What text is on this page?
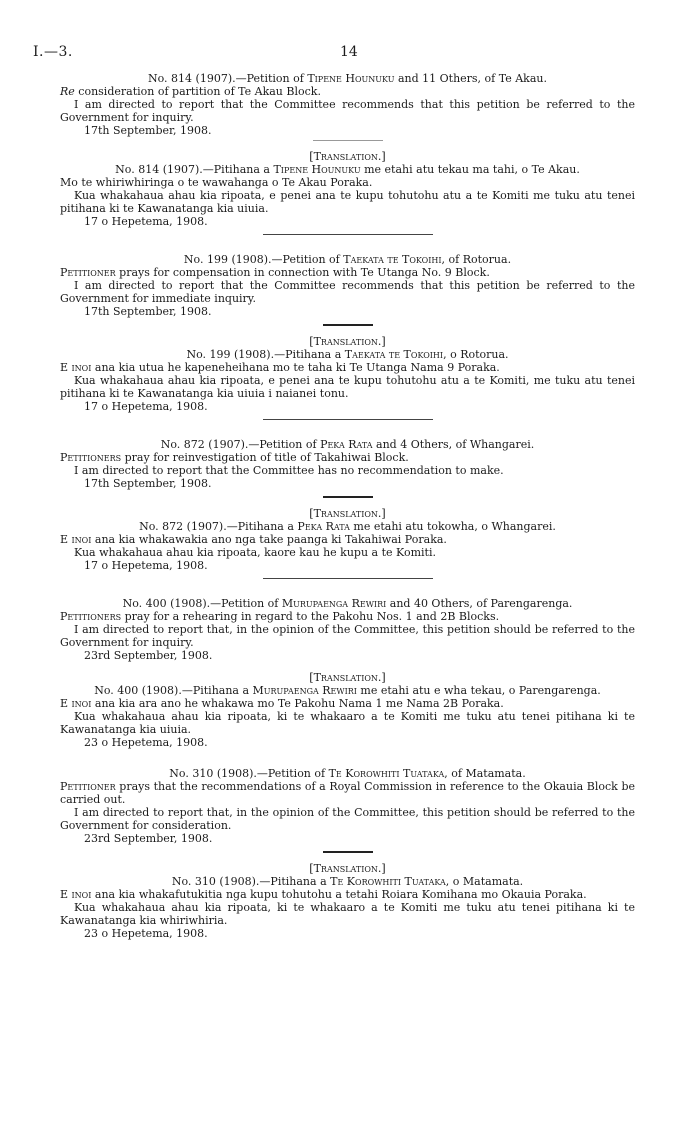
I.—3.	14
No. 814 (1907).—Petition of Tipene Hounuku and 11 Others, of Te Akau.

Re consideration of partition of Te Akau Block.

I am directed to report that the Committee recommends that this petition be referred to the Government for inquiry.

17th September, 1908.

[Translation.]
No. 814 (1907).—Pitihana a Tipene Hounuku me etahi atu tekau ma tahi, o Te Akau.

Mo te whiriwhiringa o te wawahanga o Te Akau Poraka.

Kua whakahaua ahau kia ripoata, e penei ana te kupu tohutohu atu a te Komiti me tuku atu tenei pitihana ki te Kawanatanga kia uiuia.

17 o Hepetema, 1908.

No. 199 (1908).—Petition of Taekata te Tokoihi, of Rotorua.

Petitioner prays for compensation in connection with Te Utanga No. 9 Block.

I am directed to report that the Committee recommends that this petition be referred to the Government for immediate inquiry.

17th September, 1908.

[Translation.]
No. 199 (1908).—Pitihana a Taekata te Tokoihi, o Rotorua.

E inoi ana kia utua he kapeneheihana mo te taha ki Te Utanga Nama 9 Poraka.

Kua whakahaua ahau kia ripoata, e penei ana te kupu tohutohu atu a te Komiti, me tuku atu tenei pitihana ki te Kawanatanga kia uiuia i naianei tonu.

17 o Hepetema, 1908.

No. 872 (1907).—Petition of Peka Rata and 4 Others, of Whangarei.

Petitioners pray for reinvestigation of title of Takahiwai Block.

I am directed to report that the Committee has no recommendation to make.

17th September, 1908.

[Translation.]
No. 872 (1907).—Pitihana a Peka Rata me etahi atu tokowha, o Whangarei.

E inoi ana kia whakawakia ano nga take paanga ki Takahiwai Poraka.

Kua whakahaua ahau kia ripoata, kaore kau he kupu a te Komiti.

17 o Hepetema, 1908.

No. 400 (1908).—Petition of Murupaenga Rewiri and 40 Others, of Parengarenga.

Petitioners pray for a rehearing in regard to the Pakohu Nos. 1 and 2B Blocks.

I am directed to report that, in the opinion of the Committee, this petition should be referred to the Government for inquiry.

23rd September, 1908.

[Translation.]
No. 400 (1908).—Pitihana a Murupaenga Rewiri me etahi atu e wha tekau, o Parengarenga.

E inoi ana kia ara ano he whakawa mo Te Pakohu Nama 1 me Nama 2B Poraka.

Kua whakahaua ahau kia ripoata, ki te whakaaro a te Komiti me tuku atu tenei pitihana ki te Kawanatanga kia uiuia.

23 o Hepetema, 1908.

No. 310 (1908).—Petition of Te Korowhiti Tuataka, of Matamata.

Petitioner prays that the recommendations of a Royal Commission in reference to the Okauia Block be carried out.

I am directed to report that, in the opinion of the Committee, this petition should be referred to the Government for consideration.

23rd September, 1908.

[Translation.]
No. 310 (1908).—Pitihana a Te Korowhiti Tuataka, o Matamata.

E inoi ana kia whakafutukitia nga kupu tohutohu a tetahi Roiara Komihana mo Okauia Poraka.

Kua whakahaua ahau kia ripoata, ki te whakaaro a te Komiti me tuku atu tenei pitihana ki te Kawanatanga kia whiriwhiria.

23 o Hepetema, 1908.
